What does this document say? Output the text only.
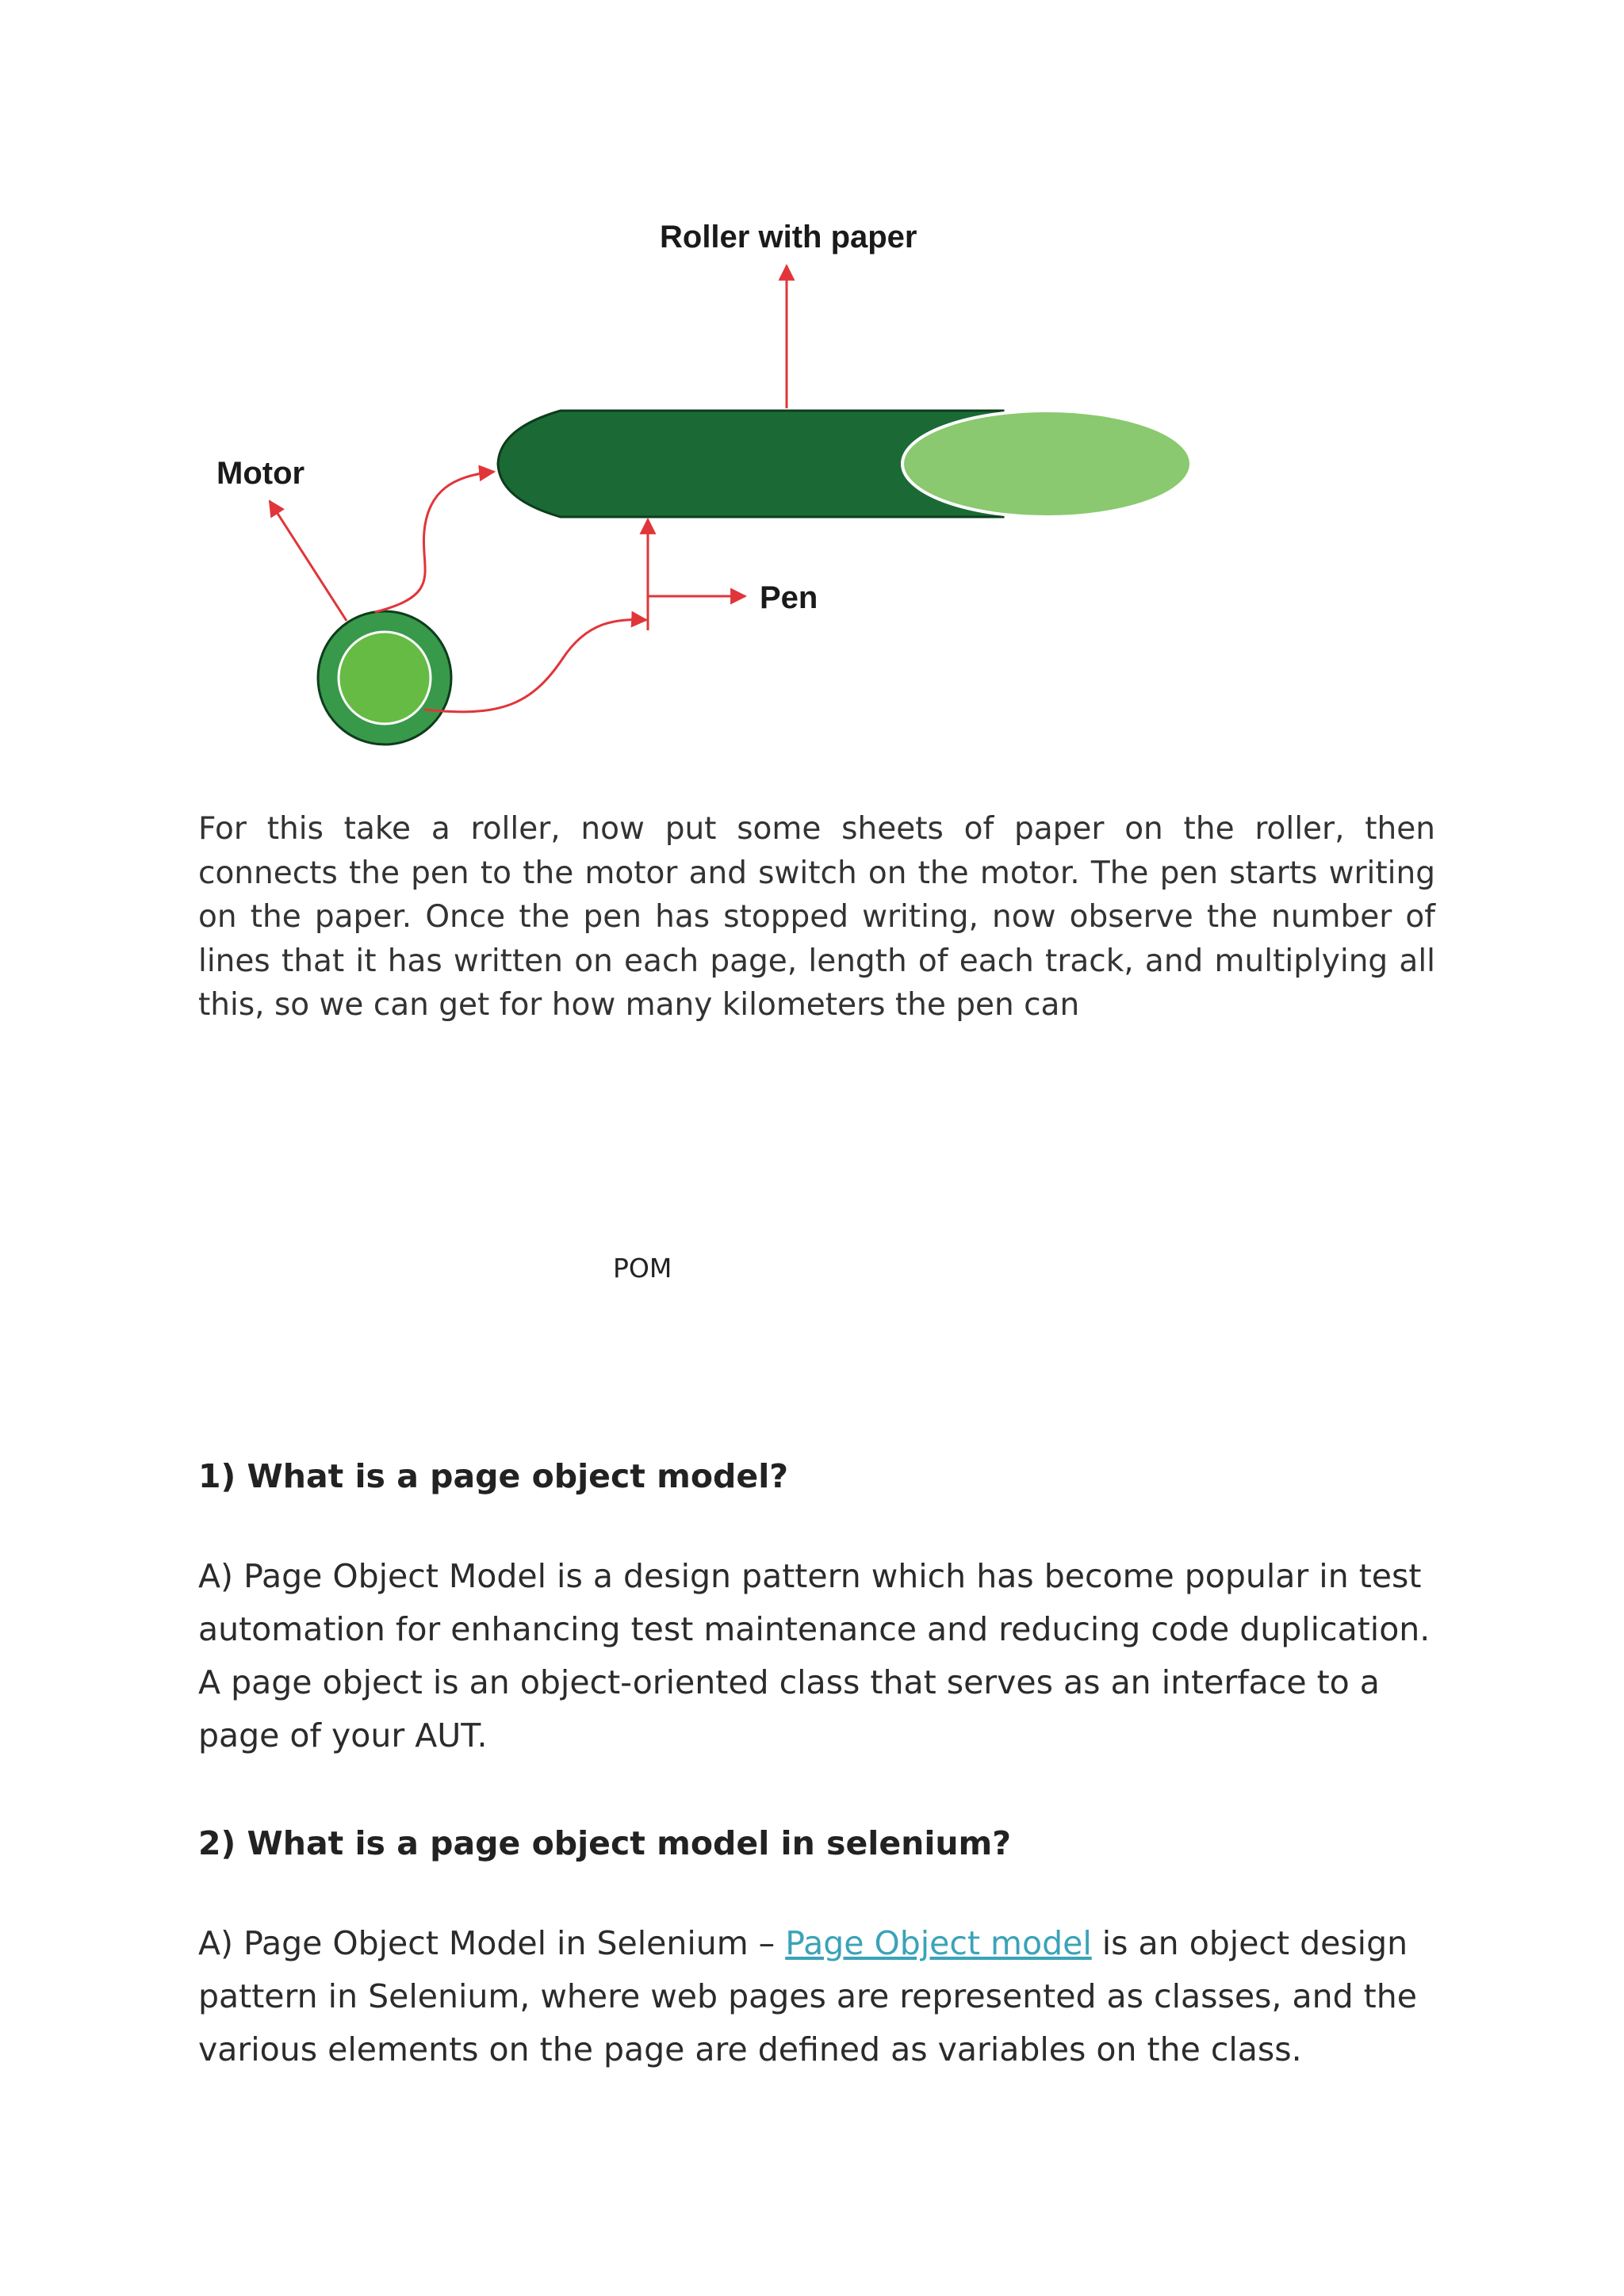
Roller with paper
Motor
Pen

For this take a roller, now put some sheets of paper on the roller, then connects the pen to the motor and switch on the motor. The pen starts writing on the paper. Once the pen has stopped writing, now observe the number of lines that it has written on each page, length of each track, and multiplying all this, so we can get for how many kilometers the pen can

POM

1) What is a page object model?

A) Page Object Model is a design pattern which has become popular in test automation for enhancing test maintenance and reducing code duplication. A page object is an object-oriented class that serves as an interface to a page of your AUT.

2) What is a page object model in selenium?

A) Page Object Model in Selenium – Page Object model is an object design pattern in Selenium, where web pages are represented as classes, and the various elements on the page are defined as variables on the class.
